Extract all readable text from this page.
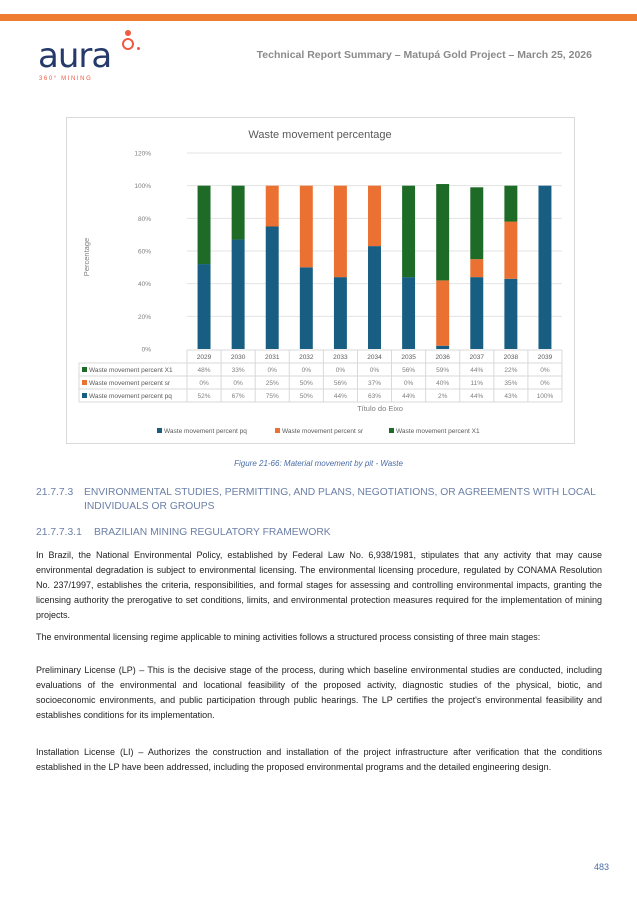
aura
360° MINING
Technical Report Summary – Matupá Gold Project – March 25, 2026
Waste movement percentage
Percentage
0%
20%
40%
60%
80%
100%
120%
2029	2030	2031	2032	2033	2034	2035	2036	2037	2038	2039
Waste movement percent X1	48%	33%	0%	0%	0%	0%	56%	59%	44%	22%	0%
Waste movement percent sr	0%	0%	25%	50%	56%	37%	0%	40%	11%	35%	0%
Waste movement percent pq	52%	67%	75%	50%	44%	63%	44%	2%	44%	43%	100%
Título do Eixo
Waste movement percent pq	Waste movement percent sr	Waste movement percent X1
Figure 21-66: Material movement by pit - Waste
21.7.7.3 ENVIRONMENTAL STUDIES, PERMITTING, AND PLANS, NEGOTIATIONS, OR AGREEMENTS WITH LOCAL
INDIVIDUALS OR GROUPS
21.7.7.3.1 BRAZILIAN MINING REGULATORY FRAMEWORK
In Brazil, the National Environmental Policy, established by Federal Law No. 6,938/1981, stipulates that any activity that may cause environmental degradation is subject to environmental licensing. The environmental licensing procedure, regulated by CONAMA Resolution No. 237/1997, establishes the criteria, responsibilities, and formal stages for assessing and controlling environmental impacts, granting the licensing authority the prerogative to set conditions, limits, and environmental protection measures required for the implementation of mining projects.
The environmental licensing regime applicable to mining activities follows a structured process consisting of three main stages:
Preliminary License (LP) – This is the decisive stage of the process, during which baseline environmental studies are conducted, including evaluations of the environmental and locational feasibility of the proposed activity, diagnostic studies of the physical, biotic, and socioeconomic environments, and public participation through public hearings. The LP certifies the project's environmental feasibility and establishes conditions for its implementation.
Installation License (LI) – Authorizes the construction and installation of the project infrastructure after verification that the conditions established in the LP have been addressed, including the proposed environmental programs and the detailed engineering design.
483
